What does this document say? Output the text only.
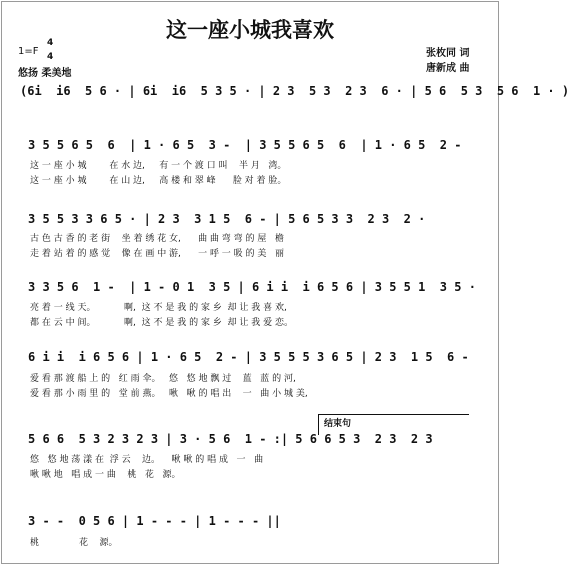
这一座小城我喜欢
张枚同 词
唐新成 曲
1=F
4
4
悠扬 柔美地
(6i  i6  5 6 · | 6i  i6  5 3 5 · | 2 3  5 3  2 3  6 · | 5 6  5 3  5 6  1 · )
3 5 5 6 5  6  | 1 · 6 5  3 -  | 3 5 5 6 5  6  | 1 · 6 5  2 -
这 一 座 小 城        在 水 边,     有 一 个 渡 口 叫    半 月   湾。
这 一 座 小 城        在 山 边,     高 楼 和 翠 峰      脸 对 着 脸。
3 5 5 3 3 6 5 · | 2 3  3 1 5  6 - | 5 6 5 3 3  2 3  2 ·
古 色 古 香 的 老 街    坐 着 绣 花 女,      曲 曲 弯 弯 的 屋   檐
走 着 站 着 的 感 觉    像 在 画 中 游,      一 呼 一 吸 的 美   丽
3 3 5 6  1 -  | 1 - 0 1  3 5 | 6 i i  i 6 5 6 | 3 5 5 1  3 5 ·
亮 着 一 线 天。          啊,  这 不 是 我 的 家 乡  却 让 我 喜 欢,
都 在 云 中 间。          啊,  这 不 是 我 的 家 乡  却 让 我 爱 恋。
6 i i  i 6 5 6 | 1 · 6 5  2 - | 3 5 5 5 3 6 5 | 2 3  1 5  6 -
爱 看 那 渡 船 上 的   红 雨 伞。   悠   悠 地 飘 过    蓝   蓝 的 河,
爱 看 那 小 雨 里 的   堂 前 燕。   啾   啾 的 唱 出    一   曲 小 城 美,
结束句
5 6 6  5 3 2 3 2 3 | 3 · 5 6  1 - :| 5 6 6 5 3  2 3  2 3
悠   悠 地 荡 漾 在  浮 云    边。    啾 啾 的 唱 成   一   曲
啾 啾 地   唱 成 一 曲    桃   花   源。
3 - -  0 5 6 | 1 - - - | 1 - - - ||
桃              花    源。
